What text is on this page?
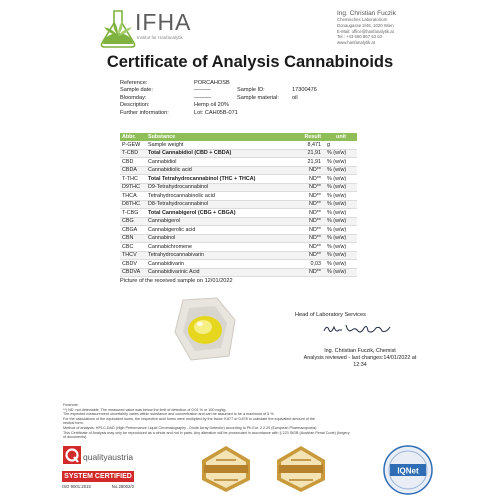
IFHA
Institut für Hanfanalytik
Ing. Christian Fuczik
Chemisches Laboratorium
Donaugasse 2/46, 1020 Wien
E-Mail: office@hanfanalytik.at
Tel.: +43 660 867 63 63
www.hanfanalytik.at
Certificate of Analysis Cannabinoids
Reference:	PORCAHOSB
Sample date:	———
Bloomday:	———
Description:	Hemp oil 20%
Further information:	Lot: CAH05B-071
Sample ID:	17300476
Sample material:	oil
Abbr.	Substance	Result	unit
P-GEW	Sample weight	8,471	g
T-CBD	Total Cannabidiol (CBD + CBDA)	21,91	% (w/w)
CBD	Cannabidiol	21,91	% (w/w)
CBDA	Cannabidiolic acid	ND**	% (w/w)
T-THC	Total Tetrahydrocannabinol (THC + THCA)	ND**	% (w/w)
D9THC	D9-Tetrahydrocannabinol	ND**	% (w/w)
THCA	Tetrahydrocannabinolic acid	ND**	% (w/w)
D8THC	D8-Tetrahydrocannabinol	ND**	% (w/w)
T-CBG	Total Cannabigerol (CBG + CBGA)	ND**	% (w/w)
CBG	Cannabigerol	ND**	% (w/w)
CBGA	Cannabigerolic acid	ND**	% (w/w)
CBN	Cannabinol	ND**	% (w/w)
CBC	Cannabichromene	ND**	% (w/w)
THCV	Tetrahydrocannabivarin	ND**	% (w/w)
CBDV	Cannabidivarin	0,03	% (w/w)
CBDVA	Cannabidivarinic Acid	ND**	% (w/w)
Picture of the received sample on 12/01/2022
Head of Laboratory Services
Ing. Christian Fuczik, Chemist
Analysis reviewed - last changes:14/01/2022 at
12:34
Footnote:
**) ND: not detectable. The measured value was below the limit of detection of 0.01 % or 100 mg/kg.
The expected measurement uncertainty varies within substance and concentration and can be assumed to be a maximum of 5 %.
For the calculations of the equivalent sums, the respective acid forms were multiplied by the factor 0.877 or 0.878 to calculate the equivalent amount of the
neutral form.
Method of analysis: HPLC-DAD (High Performance Liquid Chromatography - Diode Array Detector) according to Ph.Eur. 2.2.29 (European Pharmacopoeia)
This Certificate of Analysis may only be reproduced as a whole and not in parts. Any alteration will be prosecuted in accordance with § 223 StGB (Austrian Penal Code) (forgery
of documents).
qualityaustria
SYSTEM CERTIFIED
ISO 9001:2015	No.28002/0
IQNet
